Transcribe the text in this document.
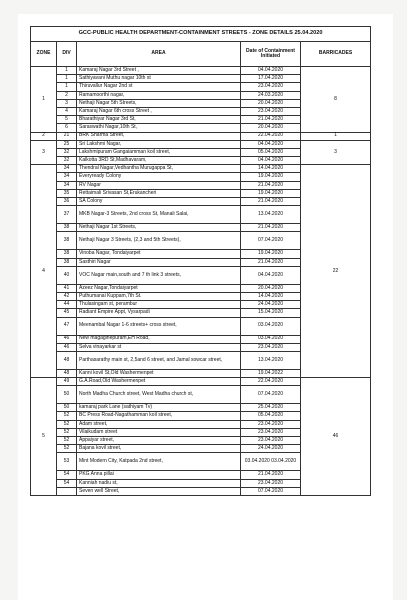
GCC-PUBLIC HEALTH DEPARTMENT-CONTAINMENT STREETS - ZONE DETAILS 25.04.2020				
ZONE	DIV	AREA	Date of Containment Initiated	BARRICADES
1	1	Kamaraj Nagar 3rd Street ,	04.04.2020	8
	1	Sathiyavani Muthu nagar 10th st	17.04.2020	
	1	Thiruvallur Nagar 2nd st	23.04.2020	
	2	Ramamoorthi nagar,	24.03.2020	
	3	Nethaji Nagar 5th Streets,	20.04.2020	
	4	Kamaraj Nagar 6th cross Street ,	23.04.2020	
	5	Bharathiyar Nagar 3rd St,	21.04.2020	
	6	Saraswathi Nagar,10th St,	20.04.2020	
2	21	BRK Sharma Street,	22.04.2020	1
3	25	Sri Lakshmi Nagar,	04.04.2020	3
	32	Lakshmipuram Gangaiamman koil street,	05.04.2020	
	32	Kalkotta 3RD St,Madhavaram,	04.04.2020	
4	34	Thendral Nagar,Vedhantha Murugappa St,	14.04.2020	22
	34	Everyready Colony	19.04.2020	
	34	RV Nagar	21.04.2020	
	35	Rettaimali Srivasan St,Erukancheri	19.04.2020	
	36	SA Colony	21.04.2020	
	37	MKB Nagar-3 Streets, 2nd cross St, Manali Salai,	13.04.2020	
	38	Nethaji Nagar 1st Streets,	21.04.2020	
	38	Nethaji Nagar 3 Streets, (2,3 and 5th Streets),	07.04.2020	
	38	Vinoba Nagar, Tondaiyarpet	19.04.2020	
	38	Sasthiri Nagar	21.04.2020	
	40	VOC Nagar main,south and 7 th link 3 streets,	04.04.2020	
	41	Azeez Nagar,Tondaiyarpet	20.04.2020	
	42	Puthumanai Kuppam,7th St.	14.04.2020	
	44	Thulasingam st, perambur	24.04.2020	
	45	Radiant Empire Appt, Vysarpadi	15.04.2020	
	47	Meenambal Nagar 1-6 streets+ cross street,	03.04.2020	
	46	New magaginepuram,EH Road,	03.04.2020	
	46	Selva vinayarkar st	23.04.2020	
	48	Parthasarathy main st, 2,5and 6 street, and Jamal sowcar street,	13.04.2020	
	48	Kanni kovil St,Old Washermenpet	19.04.2022	
5	49	G.A.Road,Old Washermenpet	22.04.2020	46
	50	North Madha Church street, West Madha church st,	07.04.2020	
	50	kamaraj park Lane (sathiyam Tv)	25.04.2020	
	52	BC Press Road-Nagathamman koil street,	05.04.2020	
	52	Adam street,	23.04.2020	
	52	Vilaikudam street	23.04.2020	
	52	Appaiyar street,	23.04.2020	
	52	Bajana kovil street,	24.04.2020	
	53	Mint Modern City, Katpada 2nd street,	03.04.2020 03.04.2020	
	54	PKG Anna pillai	21.04.2020	
	54	Kanniah nadiu st,	23.04.2020	
		Seven well Street,	07.04.2020	
